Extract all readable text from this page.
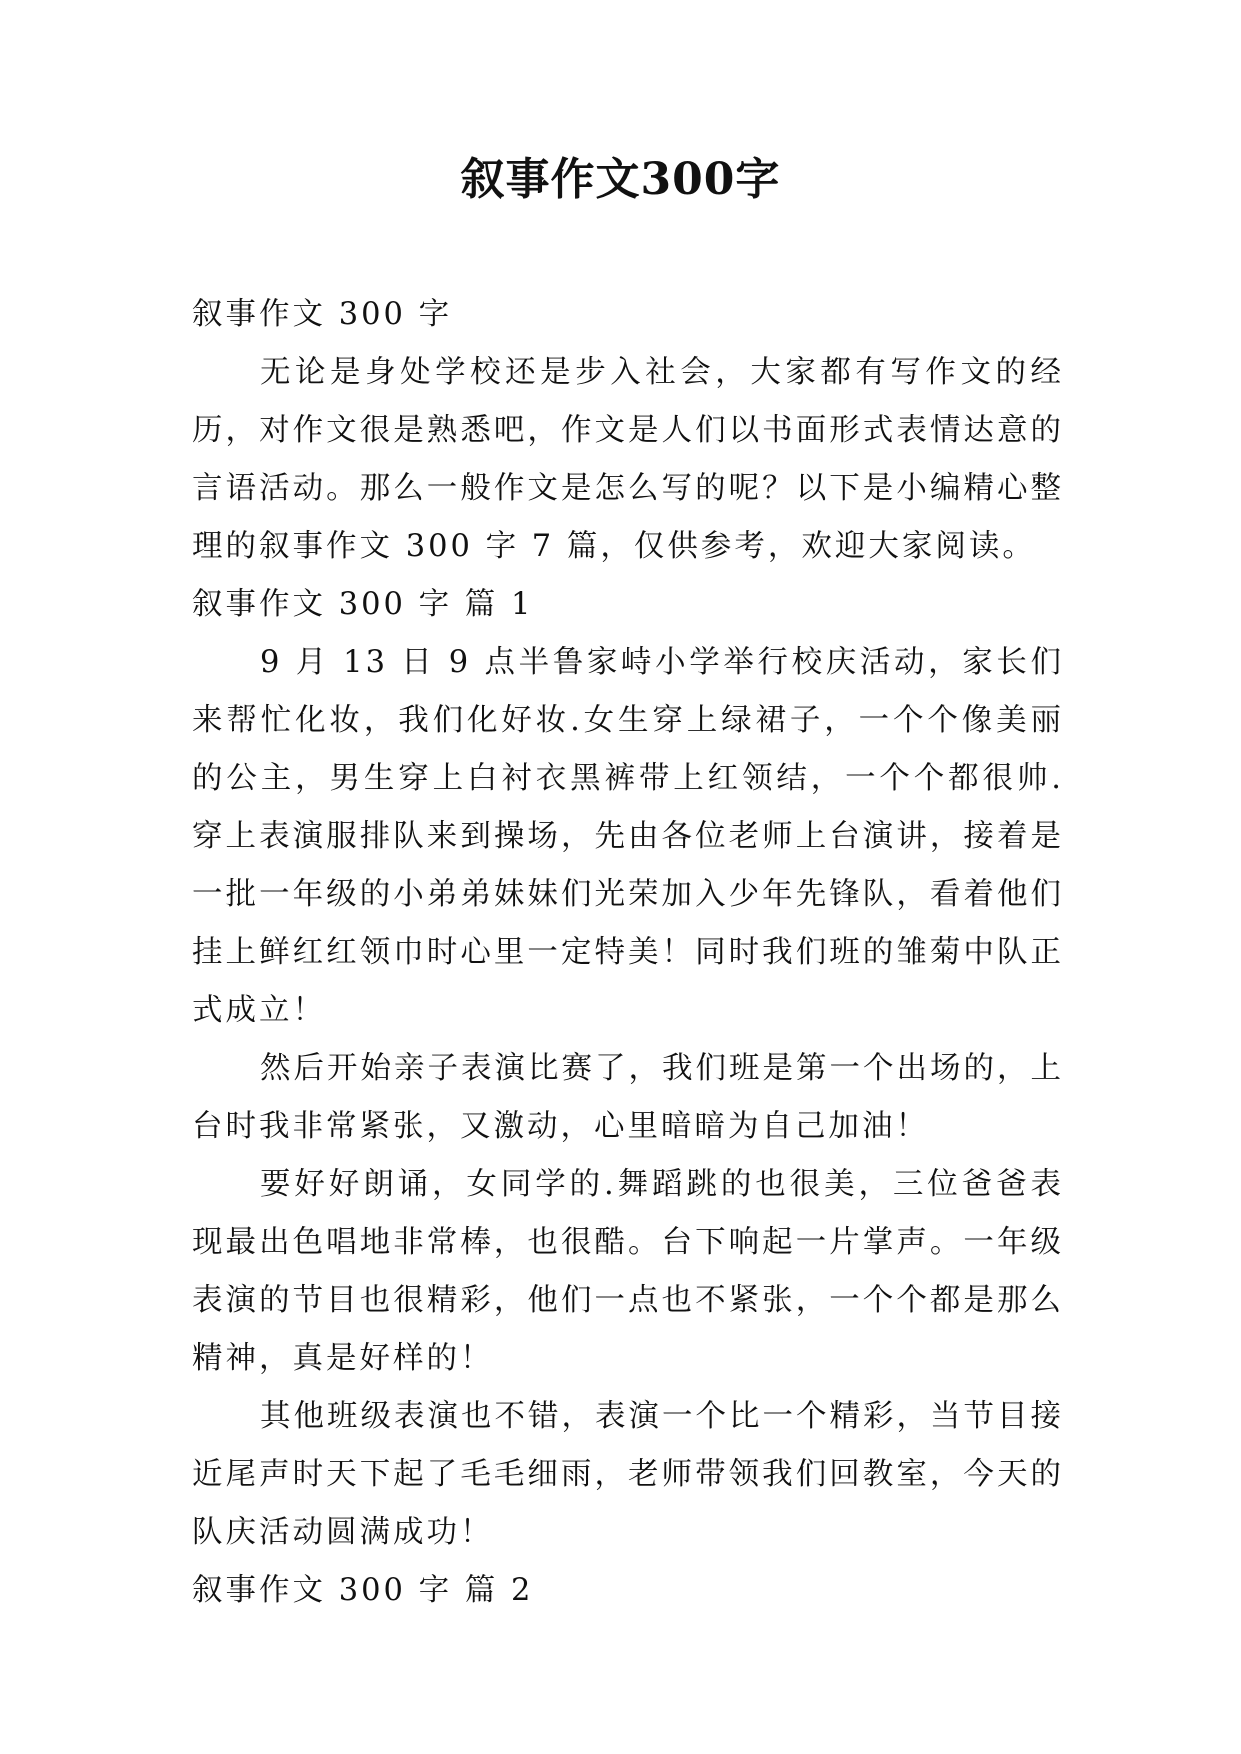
叙事作文300字

叙事作文 300 字

无论是身处学校还是步入社会，大家都有写作文的经历，对作文很是熟悉吧，作文是人们以书面形式表情达意的言语活动。那么一般作文是怎么写的呢？以下是小编精心整理的叙事作文 300 字 7 篇，仅供参考，欢迎大家阅读。

叙事作文 300 字 篇 1

9 月 13 日 9 点半鲁家峙小学举行校庆活动，家长们来帮忙化妆，我们化好妆.女生穿上绿裙子，一个个像美丽的公主，男生穿上白衬衣黑裤带上红领结，一个个都很帅. 穿上表演服排队来到操场，先由各位老师上台演讲，接着是一批一年级的小弟弟妹妹们光荣加入少年先锋队，看着他们挂上鲜红红领巾时心里一定特美！同时我们班的雏菊中队正式成立！

然后开始亲子表演比赛了，我们班是第一个出场的，上台时我非常紧张，又激动，心里暗暗为自己加油！

要好好朗诵，女同学的.舞蹈跳的也很美，三位爸爸表现最出色唱地非常棒，也很酷。台下响起一片掌声。一年级表演的节目也很精彩，他们一点也不紧张，一个个都是那么精神，真是好样的！

其他班级表演也不错，表演一个比一个精彩，当节目接近尾声时天下起了毛毛细雨，老师带领我们回教室，今天的队庆活动圆满成功！

叙事作文 300 字 篇 2
